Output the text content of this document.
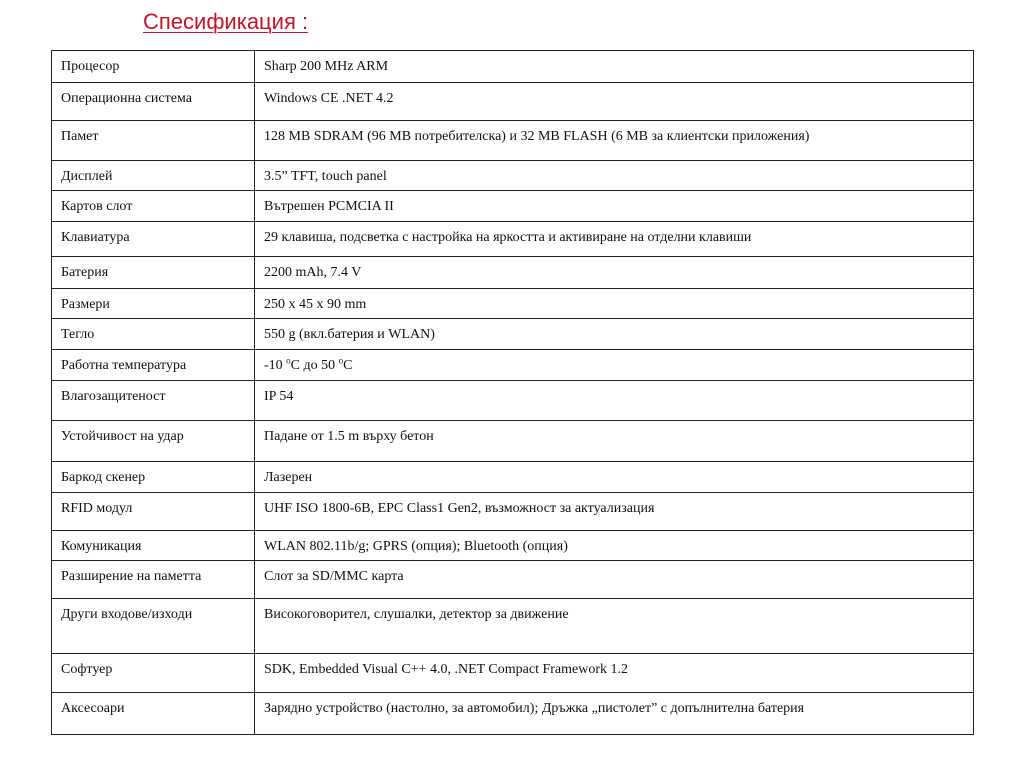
Спесификация :
Процесор	Sharp 200 MHz ARM
Операционна система	Windows CE .NET 4.2
Памет	128 MB SDRAM (96 MB потребителска) и 32 MB FLASH (6 MB за клиентски приложения)
Дисплей	3.5” TFT, touch panel
Картов слот	Вътрешен PCMCIA II
Клавиатура	29 клавиша, подсветка с настройка на яркостта и активиране на отделни клавиши
Батерия	2200 mAh, 7.4 V
Размери	250 x 45 x 90 mm
Тегло	550 g (вкл.батерия и WLAN)
Работна температура	-10 $^o$C до 50 $^o$C
Влагозащитеност	IP 54
Устойчивост на удар	Падане от 1.5 m върху бетон
Баркод скенер	Лазерен
RFID модул	UHF ISO 1800-6B, EPC Class1 Gen2, възможност за актуализация
Комуникация	WLAN 802.11b/g; GPRS (опция); Bluetooth (опция)
Разширение на паметта	Слот за SD/MMC карта
Други входове/изходи	Високоговорител, слушалки, детектор за движение
Софтуер	SDK, Embedded Visual C++ 4.0, .NET Compact Framework 1.2
Аксесоари	Зарядно устройство (настолно, за автомобил); Дръжка „пистолет” с допълнителна батерия
